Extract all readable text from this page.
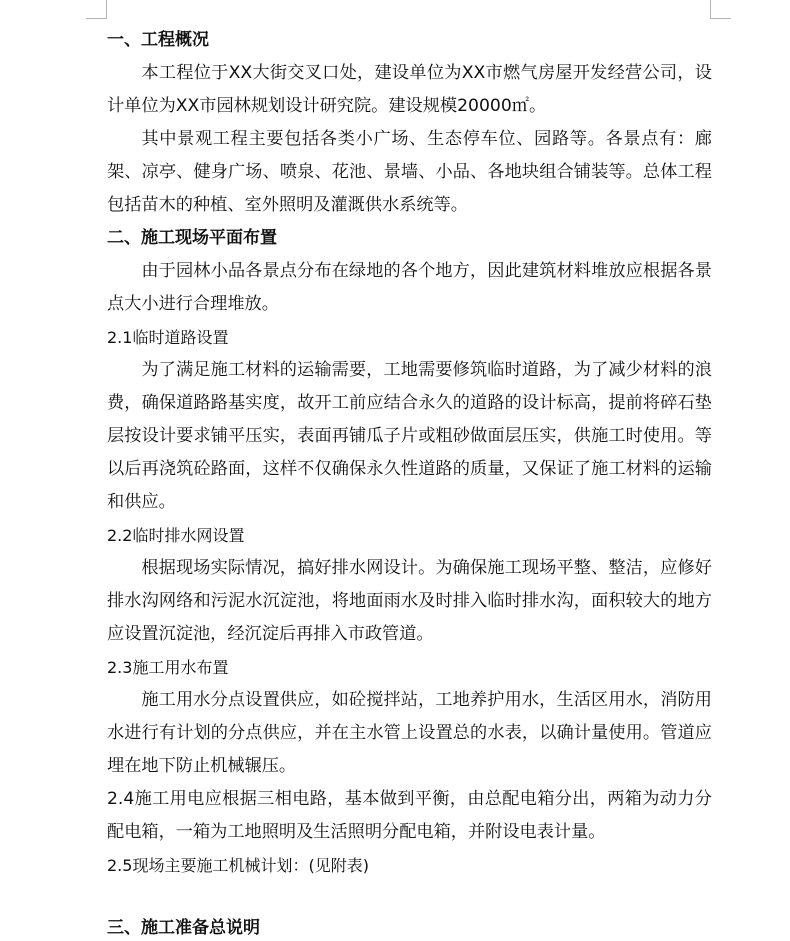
一、工程概况

本工程位于XX大街交叉口处，建设单位为XX市燃气房屋开发经营公司，设计单位为XX市园林规划设计研究院。建设规模20000㎡。

其中景观工程主要包括各类小广场、生态停车位、园路等。各景点有：廊架、凉亭、健身广场、喷泉、花池、景墙、小品、各地块组合铺装等。总体工程包括苗木的种植、室外照明及灌溉供水系统等。

二、施工现场平面布置

由于园林小品各景点分布在绿地的各个地方，因此建筑材料堆放应根据各景点大小进行合理堆放。

2.1临时道路设置

为了满足施工材料的运输需要，工地需要修筑临时道路，为了减少材料的浪费，确保道路路基实度，故开工前应结合永久的道路的设计标高，提前将碎石垫层按设计要求铺平压实，表面再铺瓜子片或粗砂做面层压实，供施工时使用。等以后再浇筑砼路面，这样不仅确保永久性道路的质量，又保证了施工材料的运输和供应。

2.2临时排水网设置

根据现场实际情况，搞好排水网设计。为确保施工现场平整、整洁，应修好排水沟网络和污泥水沉淀池，将地面雨水及时排入临时排水沟，面积较大的地方应设置沉淀池，经沉淀后再排入市政管道。

2.3施工用水布置

施工用水分点设置供应，如砼搅拌站，工地养护用水，生活区用水，消防用水进行有计划的分点供应，并在主水管上设置总的水表，以确计量使用。管道应埋在地下防止机械辗压。

2.4施工用电应根据三相电路，基本做到平衡，由总配电箱分出，两箱为动力分配电箱，一箱为工地照明及生活照明分配电箱，并附设电表计量。

2.5现场主要施工机械计划：(见附表)

三、施工准备总说明
